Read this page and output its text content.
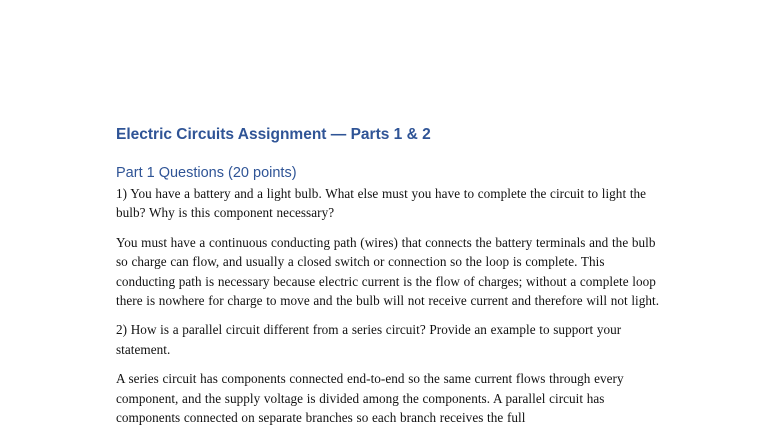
Electric Circuits Assignment — Parts 1 & 2
Part 1 Questions (20 points)

1) You have a battery and a light bulb. What else must you have to complete the circuit to light the bulb? Why is this component necessary?

You must have a continuous conducting path (wires) that connects the battery terminals and the bulb so charge can flow, and usually a closed switch or connection so the loop is complete. This conducting path is necessary because electric current is the flow of charges; without a complete loop there is nowhere for charge to move and the bulb will not receive current and therefore will not light.

2) How is a parallel circuit different from a series circuit? Provide an example to support your statement.

A series circuit has components connected end-to-end so the same current flows through every component, and the supply voltage is divided among the components. A parallel circuit has components connected on separate branches so each branch receives the full
